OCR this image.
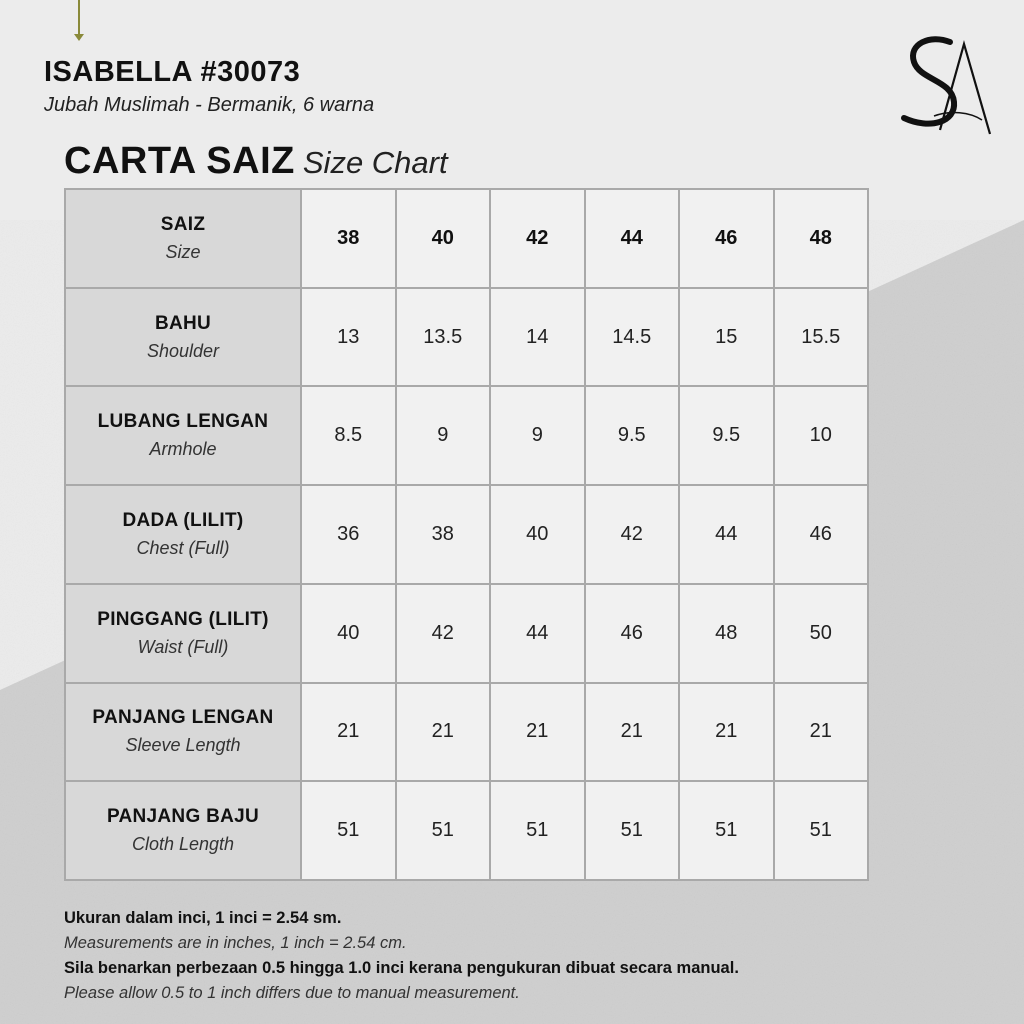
ISABELLA #30073
Jubah Muslimah - Bermanik, 6 warna
CARTA SAIZ Size Chart
SAIZ
Size	38	40	42	44	46	48

BAHU
Shoulder	13	13.5	14	14.5	15	15.5

LUBANG LENGAN
Armhole	8.5	9	9	9.5	9.5	10

DADA (LILIT)
Chest (Full)	36	38	40	42	44	46

PINGGANG (LILIT)
Waist (Full)	40	42	44	46	48	50

PANJANG LENGAN
Sleeve Length	21	21	21	21	21	21

PANJANG BAJU
Cloth Length	51	51	51	51	51	51
Ukuran dalam inci, 1 inci = 2.54 sm.
Measurements are in inches, 1 inch = 2.54 cm.
Sila benarkan perbezaan 0.5 hingga 1.0 inci kerana pengukuran dibuat secara manual.
Please allow 0.5 to 1 inch differs due to manual measurement.
